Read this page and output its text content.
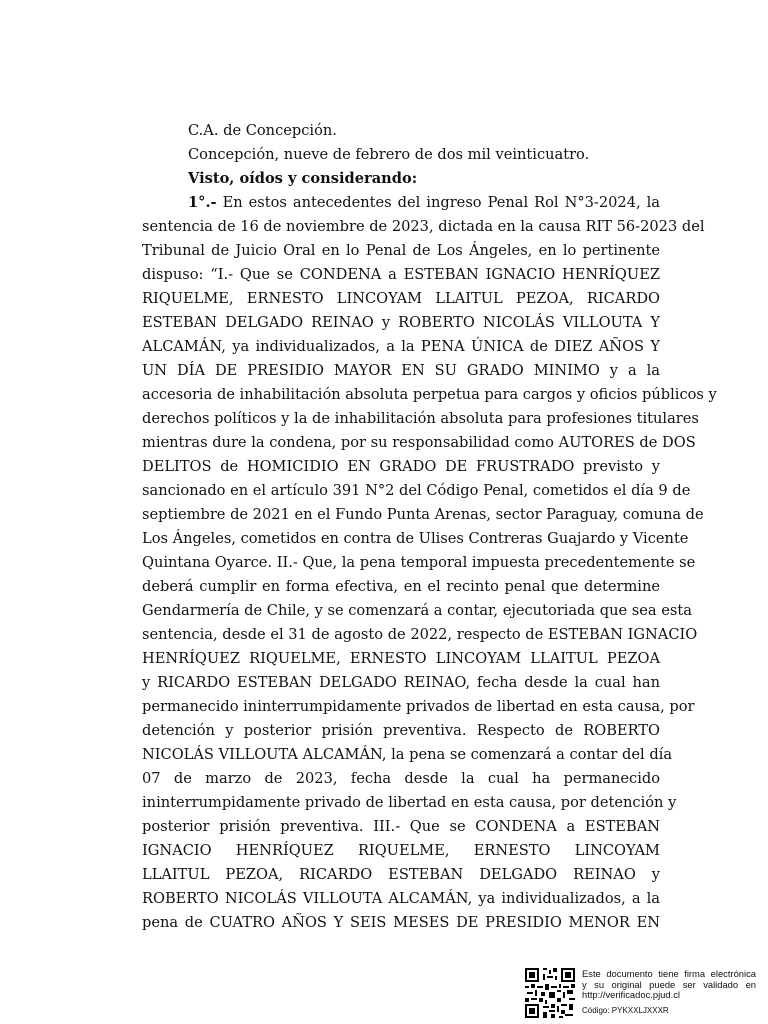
C.A. de Concepción.
Concepción, nueve de febrero de dos mil veinticuatro.
Visto, oídos y considerando:
1°.- En estos antecedentes del ingreso Penal Rol N°3-2024, la
sentencia de 16 de noviembre de 2023, dictada en la causa RIT 56-2023 del
Tribunal de Juicio Oral en lo Penal de Los Ángeles, en lo pertinente
dispuso: “I.- Que se CONDENA a ESTEBAN IGNACIO HENRÍQUEZ
RIQUELME, ERNESTO LINCOYAM LLAITUL PEZOA, RICARDO
ESTEBAN DELGADO REINAO y ROBERTO NICOLÁS VILLOUTA Y
ALCAMÁN, ya individualizados, a la PENA ÚNICA de DIEZ AÑOS Y
UN DÍA DE PRESIDIO MAYOR EN SU GRADO MINIMO y a la
accesoria de inhabilitación absoluta perpetua para cargos y oficios públicos y
derechos políticos y la de inhabilitación absoluta para profesiones titulares
mientras dure la condena, por su responsabilidad como AUTORES de DOS
DELITOS de HOMICIDIO EN GRADO DE FRUSTRADO previsto y
sancionado en el artículo 391 N°2 del Código Penal, cometidos el día 9 de
septiembre de 2021 en el Fundo Punta Arenas, sector Paraguay, comuna de
Los Ángeles, cometidos en contra de Ulises Contreras Guajardo y Vicente
Quintana Oyarce. II.- Que, la pena temporal impuesta precedentemente se
deberá cumplir en forma efectiva, en el recinto penal que determine
Gendarmería de Chile, y se comenzará a contar, ejecutoriada que sea esta
sentencia, desde el 31 de agosto de 2022, respecto de ESTEBAN IGNACIO
HENRÍQUEZ RIQUELME, ERNESTO LINCOYAM LLAITUL PEZOA
y RICARDO ESTEBAN DELGADO REINAO, fecha desde la cual han
permanecido ininterrumpidamente privados de libertad en esta causa, por
detención y posterior prisión preventiva. Respecto de ROBERTO
NICOLÁS VILLOUTA ALCAMÁN, la pena se comenzará a contar del día
07 de marzo de 2023, fecha desde la cual ha permanecido
ininterrumpidamente privado de libertad en esta causa, por detención y
posterior prisión preventiva. III.- Que se CONDENA a ESTEBAN
IGNACIO HENRÍQUEZ RIQUELME, ERNESTO LINCOYAM
LLAITUL PEZOA, RICARDO ESTEBAN DELGADO REINAO y
ROBERTO NICOLÁS VILLOUTA ALCAMÁN, ya individualizados, a la
pena de CUATRO AÑOS Y SEIS MESES DE PRESIDIO MENOR EN
Este documento tiene firma electrónica
y su original puede ser validado en
http://verificadoc.pjud.cl
Código: PYKXXLJXXXR
